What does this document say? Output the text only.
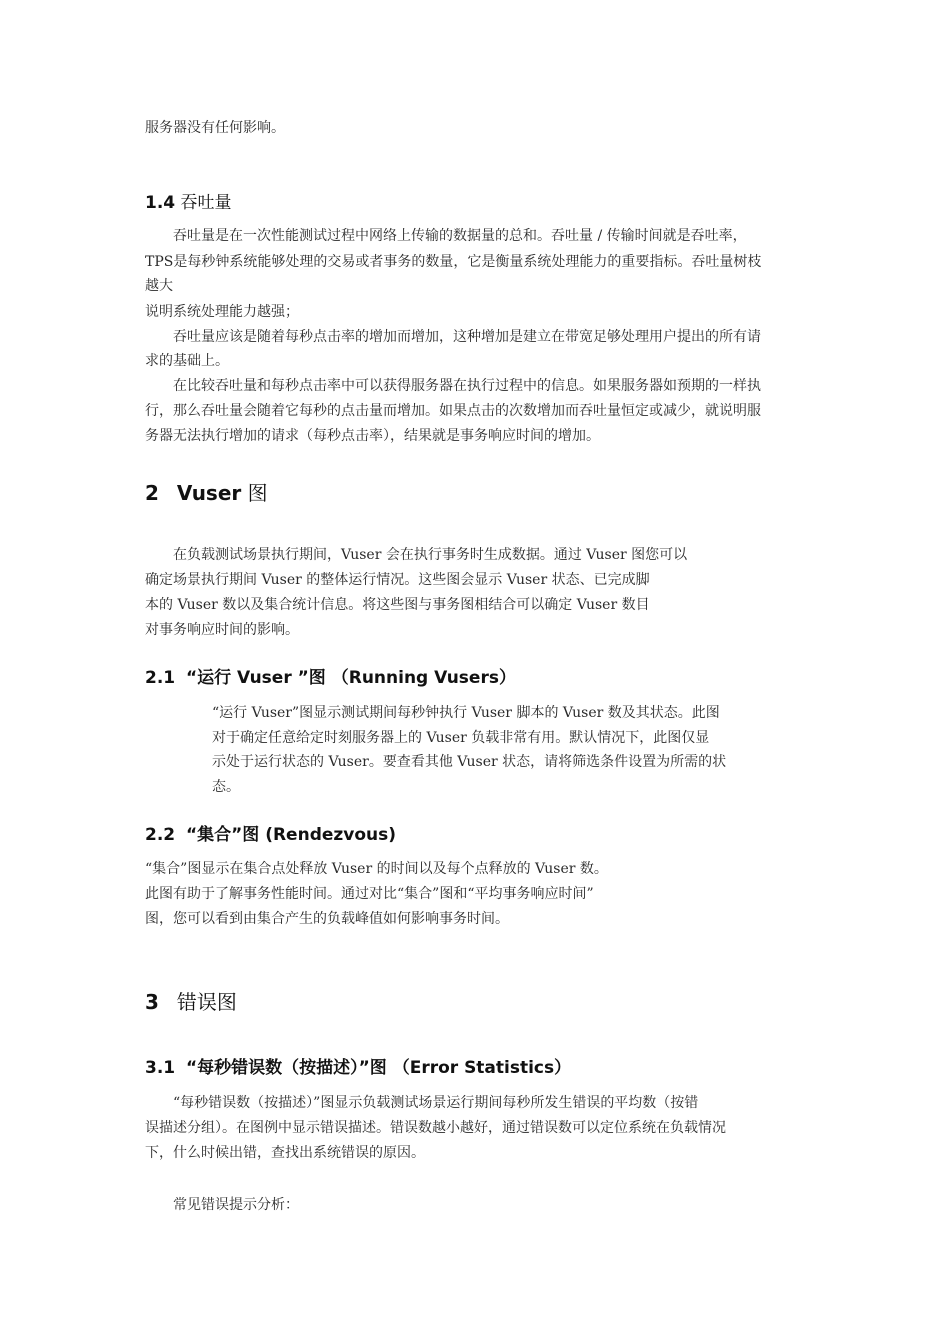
服务器没有任何影响。
1.4 吞吐量
　　吞吐量是在一次性能测试过程中网络上传输的数据量的总和。吞吐量 / 传输时间就是吞吐率，
TPS是每秒钟系统能够处理的交易或者事务的数量，它是衡量系统处理能力的重要指标。吞吐量树枝
越大
说明系统处理能力越强；
　　吞吐量应该是随着每秒点击率的增加而增加，这种增加是建立在带宽足够处理用户提出的所有请
求的基础上。
　　在比较吞吐量和每秒点击率中可以获得服务器在执行过程中的信息。如果服务器如预期的一样执
行，那么吞吐量会随着它每秒的点击量而增加。如果点击的次数增加而吞吐量恒定或减少，就说明服
务器无法执行增加的请求（每秒点击率），结果就是事务响应时间的增加。
2 Vuser 图
　　在负载测试场景执行期间，Vuser 会在执行事务时生成数据。通过 Vuser 图您可以
确定场景执行期间 Vuser 的整体运行情况。这些图会显示 Vuser 状态、已完成脚
本的 Vuser 数以及集合统计信息。将这些图与事务图相结合可以确定 Vuser 数目
对事务响应时间的影响。
2.1 “运行 Vuser ”图 （Running Vusers）
“运行 Vuser”图显示测试期间每秒钟执行 Vuser 脚本的 Vuser 数及其状态。此图
对于确定任意给定时刻服务器上的 Vuser 负载非常有用。默认情况下，此图仅显
示处于运行状态的 Vuser。要查看其他 Vuser 状态，请将筛选条件设置为所需的状
态。
2.2 “集合”图 (Rendezvous)
“集合”图显示在集合点处释放 Vuser 的时间以及每个点释放的 Vuser 数。
此图有助于了解事务性能时间。通过对比“集合”图和“平均事务响应时间”
图，您可以看到由集合产生的负载峰值如何影响事务时间。
3 错误图
3.1 “每秒错误数（按描述）”图 （Error Statistics）
　　“每秒错误数（按描述）”图显示负载测试场景运行期间每秒所发生错误的平均数（按错
误描述分组）。在图例中显示错误描述。错误数越小越好，通过错误数可以定位系统在负载情况
下，什么时候出错，查找出系统错误的原因。
　　常见错误提示分析：
